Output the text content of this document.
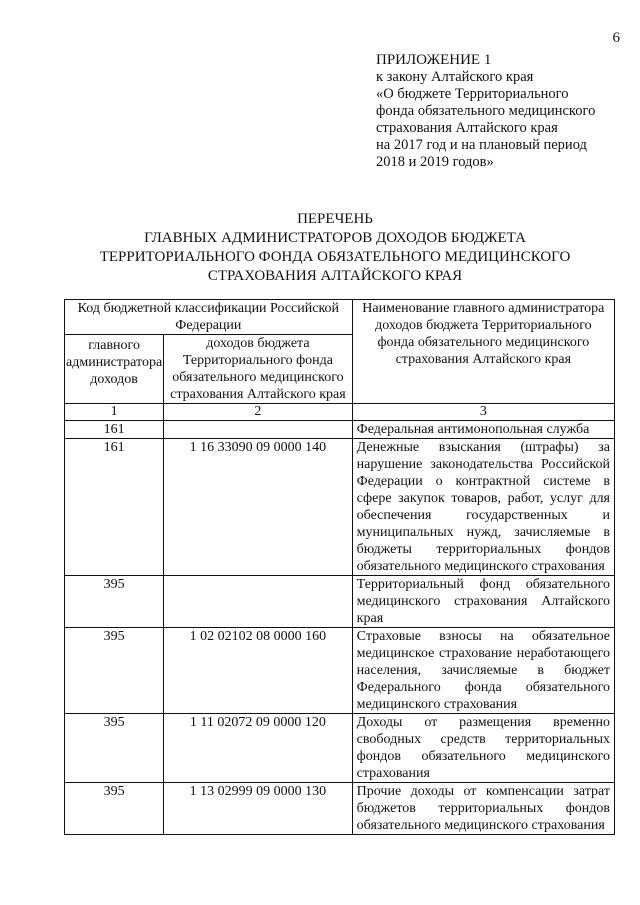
6
ПРИЛОЖЕНИЕ 1
к закону Алтайского края
«О бюджете Территориального
фонда обязательного медицинского
страхования Алтайского края
на 2017 год и на плановый период
2018 и 2019 годов»
ПЕРЕЧЕНЬ
ГЛАВНЫХ АДМИНИСТРАТОРОВ ДОХОДОВ БЮДЖЕТА
ТЕРРИТОРИАЛЬНОГО ФОНДА ОБЯЗАТЕЛЬНОГО МЕДИЦИНСКОГО
СТРАХОВАНИЯ АЛТАЙСКОГО КРАЯ
Код бюджетной классификации Российской Федерации		Наименование главного администратора доходов бюджета Территориального фонда обязательного медицинского страхования Алтайского края
главного администратора доходов	доходов бюджета Территориального фонда обязательного медицинского страхования Алтайского края	
1	2	3
161		Федеральная антимонопольная служба
161	1 16 33090 09 0000 140	Денежные взыскания (штрафы) за нарушение законодательства Российской Федерации о контрактной системе в сфере закупок товаров, работ, услуг для обеспечения государственных и муниципальных нужд, зачисляемые в бюджеты территориальных фондов обязательного медицинского страхования
395		Территориальный фонд обязательного медицинского страхования Алтайского края
395	1 02 02102 08 0000 160	Страховые взносы на обязательное медицинское страхование неработающего населения, зачисляемые в бюджет Федерального фонда обязательного медицинского страхования
395	1 11 02072 09 0000 120	Доходы от размещения временно свободных средств территориальных фондов обязательного медицинского страхования
395	1 13 02999 09 0000 130	Прочие доходы от компенсации затрат бюджетов территориальных фондов обязательного медицинского страхования
